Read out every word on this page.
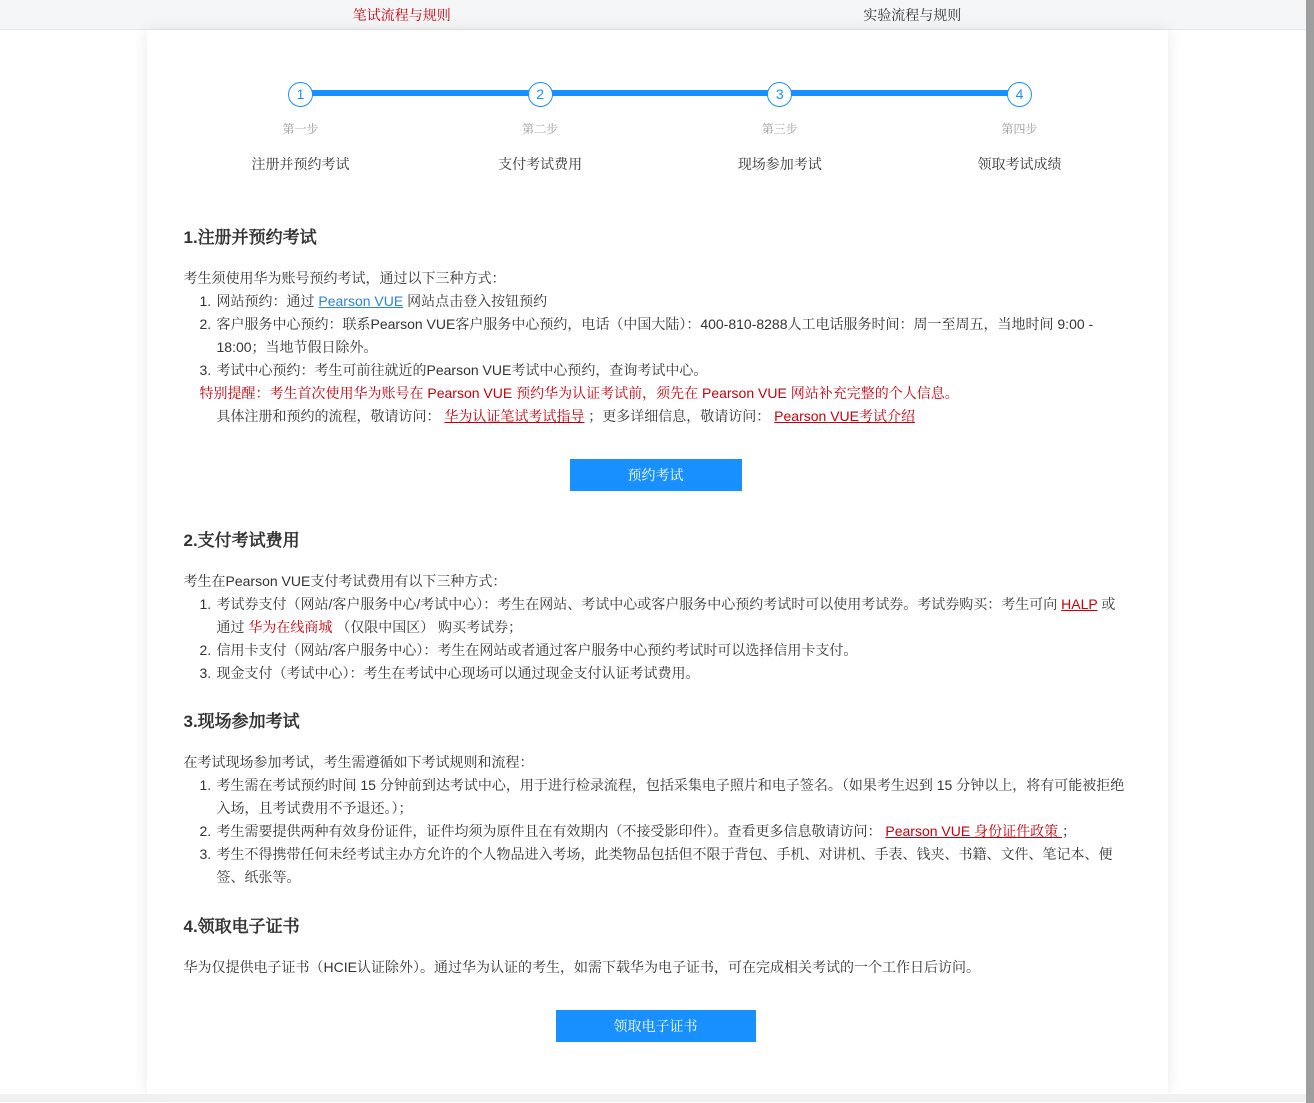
笔试流程与规则	实验流程与规则
1
第一步
注册并预约考试
2
第二步
支付考试费用
3
第三步
现场参加考试
4
第四步
领取考试成绩
1.注册并预约考试
考生须使用华为账号预约考试，通过以下三种方式：
1. 网站预约：通过 Pearson VUE 网站点击登入按钮预约
2. 客户服务中心预约：联系Pearson VUE客户服务中心预约，电话（中国大陆）：400-810-8288人工电话服务时间：周一至周五，当地时间 9:00 - 18:00；当地节假日除外。
3. 考试中心预约：考生可前往就近的Pearson VUE考试中心预约，查询考试中心。
特别提醒：考生首次使用华为账号在 Pearson VUE 预约华为认证考试前，须先在 Pearson VUE 网站补充完整的个人信息。
具体注册和预约的流程，敬请访问： 华为认证笔试考试指导 ；更多详细信息，敬请访问： Pearson VUE考试介绍
预约考试
2.支付考试费用
考生在Pearson VUE支付考试费用有以下三种方式：
1. 考试券支付（网站/客户服务中心/考试中心）：考生在网站、考试中心或客户服务中心预约考试时可以使用考试券。考试券购买：考生可向 HALP 或通过 华为在线商城 （仅限中国区） 购买考试券；
2. 信用卡支付（网站/客户服务中心）：考生在网站或者通过客户服务中心预约考试时可以选择信用卡支付。
3. 现金支付（考试中心）：考生在考试中心现场可以通过现金支付认证考试费用。
3.现场参加考试
在考试现场参加考试，考生需遵循如下考试规则和流程：
1. 考生需在考试预约时间 15 分钟前到达考试中心，用于进行检录流程，包括采集电子照片和电子签名。（如果考生迟到 15 分钟以上，将有可能被拒绝入场，且考试费用不予退还。）；
2. 考生需要提供两种有效身份证件，证件均须为原件且在有效期内（不接受影印件）。查看更多信息敬请访问： Pearson VUE 身份证件政策 ；
3. 考生不得携带任何未经考试主办方允许的个人物品进入考场，此类物品包括但不限于背包、手机、对讲机、手表、钱夹、书籍、文件、笔记本、便签、纸张等。
4.领取电子证书
华为仅提供电子证书（HCIE认证除外）。通过华为认证的考生，如需下载华为电子证书，可在完成相关考试的一个工作日后访问。
领取电子证书
